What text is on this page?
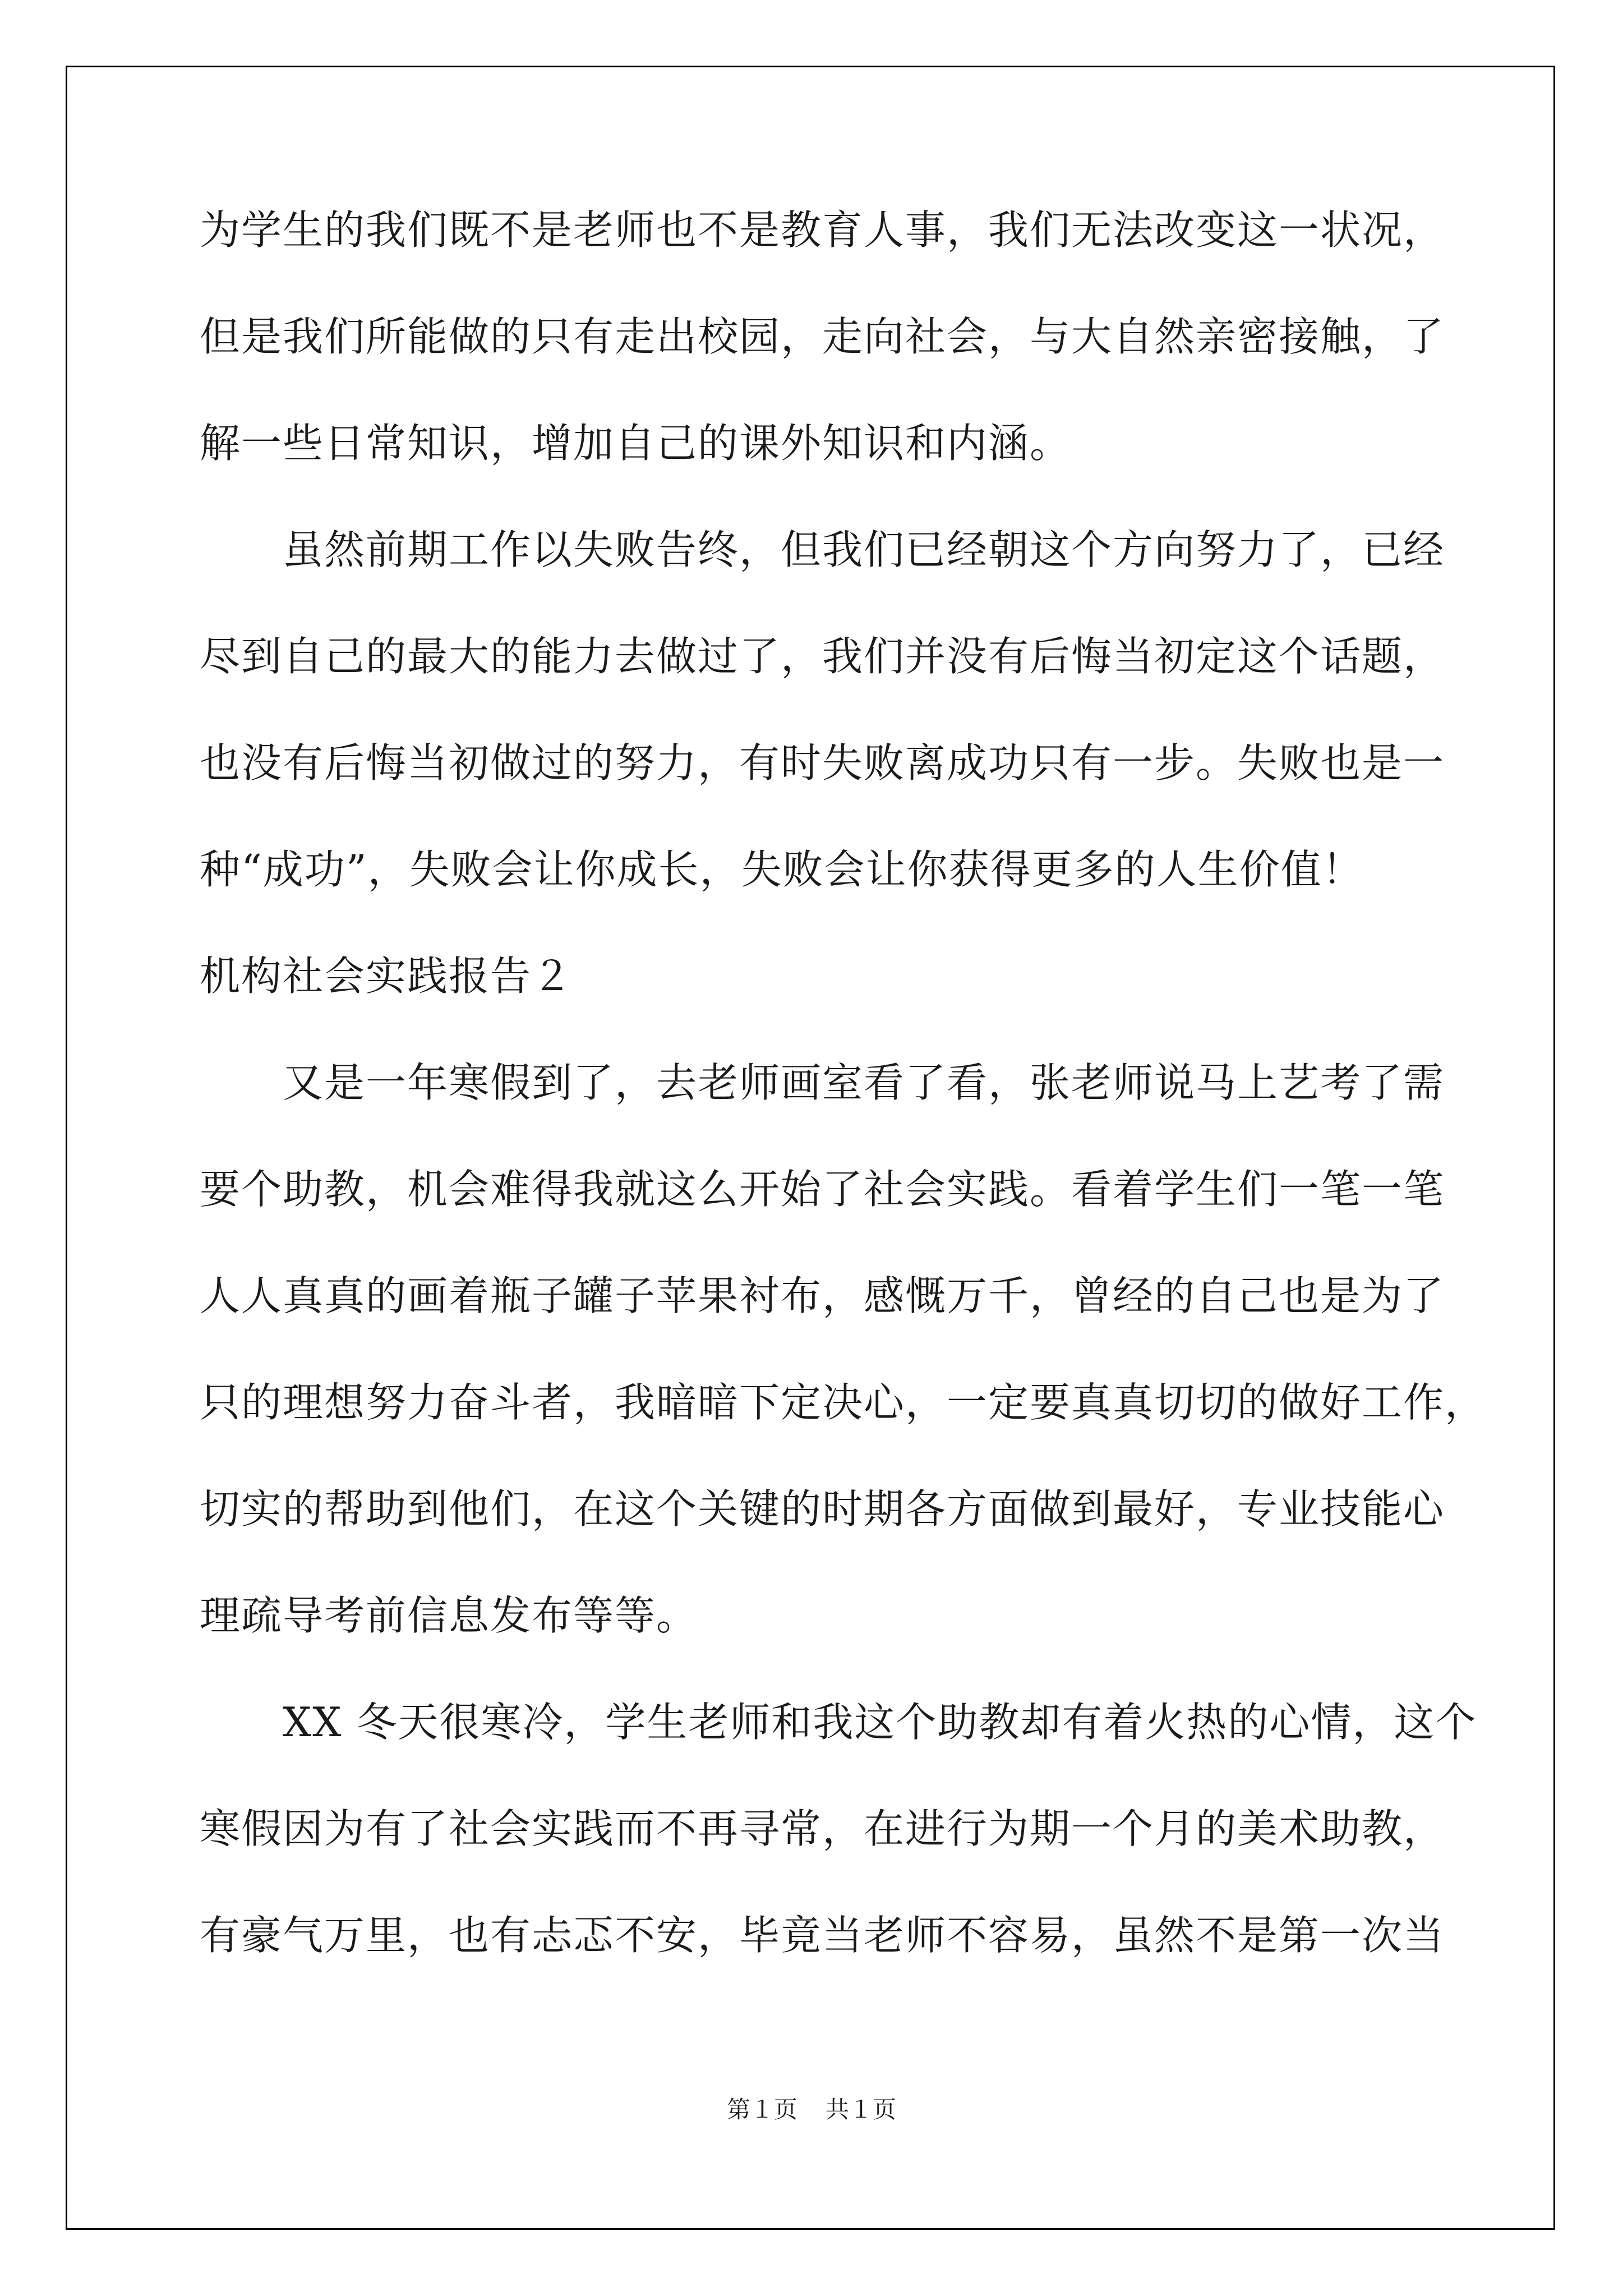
为学生的我们既不是老师也不是教育人事，我们无法改变这一状况，
但是我们所能做的只有走出校园，走向社会，与大自然亲密接触，了
解一些日常知识，增加自己的课外知识和内涵。
虽然前期工作以失败告终，但我们已经朝这个方向努力了，已经
尽到自己的最大的能力去做过了，我们并没有后悔当初定这个话题，
也没有后悔当初做过的努力，有时失败离成功只有一步。失败也是一
种“成功”，失败会让你成长，失败会让你获得更多的人生价值！
机构社会实践报告２
又是一年寒假到了，去老师画室看了看，张老师说马上艺考了需
要个助教，机会难得我就这么开始了社会实践。看着学生们一笔一笔
人人真真的画着瓶子罐子苹果衬布，感慨万千，曾经的自己也是为了
只的理想努力奋斗者，我暗暗下定决心，一定要真真切切的做好工作，
切实的帮助到他们，在这个关键的时期各方面做到最好，专业技能心
理疏导考前信息发布等等。
XX 冬天很寒冷，学生老师和我这个助教却有着火热的心情，这个
寒假因为有了社会实践而不再寻常，在进行为期一个月的美术助教，
有豪气万里，也有忐忑不安，毕竟当老师不容易，虽然不是第一次当
第１页 共１页
